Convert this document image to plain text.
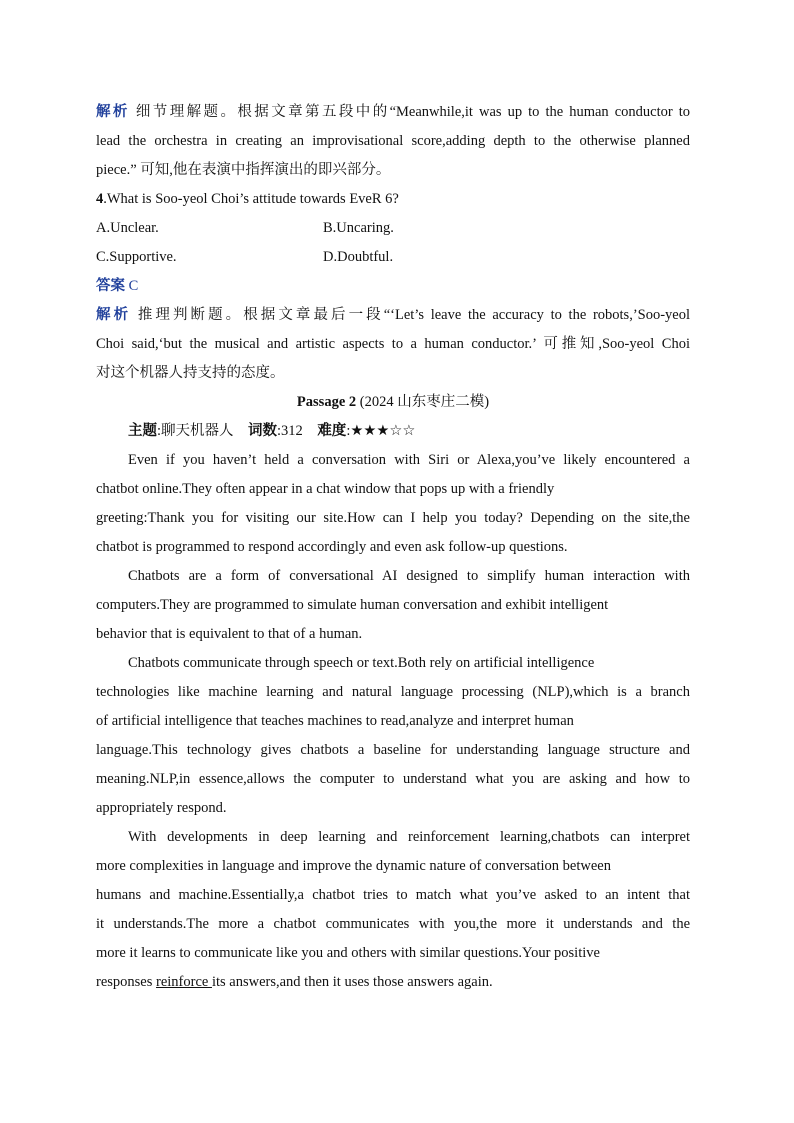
解析 细节理解题。根据文章第五段中的“Meanwhile,it was up to the human conductor to
lead the orchestra in creating an improvisational score,adding depth to the otherwise planned
piece.” 可知,他在表演中指挥演出的即兴部分。
4.What is Soo-yeol Choi’s attitude towards EveR 6?
A.Unclear.	B.Uncaring.
C.Supportive.	D.Doubtful.
答案 C
解析 推理判断题。根据文章最后一段“‘Let’s leave the accuracy to the robots,’Soo-yeol
Choi said,‘but the musical and artistic aspects to a human conductor.’ 可推知,Soo-yeol Choi
对这个机器人持支持的态度。
Passage 2 (2024 山东枣庄二模)
主题:聊天机器人 词数:312 难度:★★★☆☆
Even if you haven’t held a conversation with Siri or Alexa,you’ve likely encountered a
chatbot online.They often appear in a chat window that pops up with a friendly
greeting:Thank you for visiting our site.How can I help you today? Depending on the site,the
chatbot is programmed to respond accordingly and even ask follow-up questions.
Chatbots are a form of conversational AI designed to simplify human interaction with
computers.They are programmed to simulate human conversation and exhibit intelligent
behavior that is equivalent to that of a human.
Chatbots communicate through speech or text.Both rely on artificial intelligence
technologies like machine learning and natural language processing (NLP),which is a branch
of artificial intelligence that teaches machines to read,analyze and interpret human
language.This technology gives chatbots a baseline for understanding language structure and
meaning.NLP,in essence,allows the computer to understand what you are asking and how to
appropriately respond.
With developments in deep learning and reinforcement learning,chatbots can interpret
more complexities in language and improve the dynamic nature of conversation between
humans and machine.Essentially,a chatbot tries to match what you’ve asked to an intent that
it understands.The more a chatbot communicates with you,the more it understands and the
more it learns to communicate like you and others with similar questions.Your positive
responses reinforce its answers,and then it uses those answers again.
